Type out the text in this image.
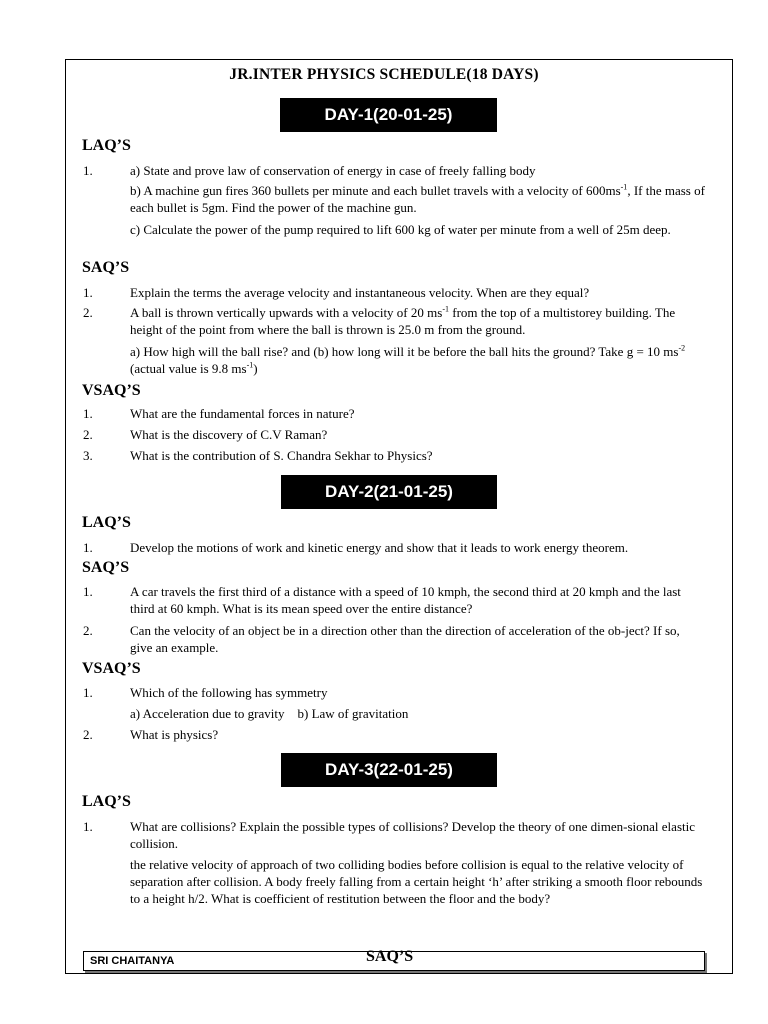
JR.INTER PHYSICS SCHEDULE(18 DAYS)
DAY-1(20-01-25)
LAQ’S
1.	a) State and prove law of conservation of energy in case of freely falling body
b) A machine gun fires 360 bullets per minute and each bullet travels with a velocity of $600ms^{-1}$, If the mass of each bullet is 5gm. Find the power of the machine gun.
c) Calculate the power of the pump required to lift 600 kg of water per minute from a well of 25m deep.
SAQ’S
1.	Explain the terms the average velocity and instantaneous velocity. When are they equal?
2.	A ball is thrown vertically upwards with a velocity of 20 $ms^{-1}$ from the top of a multistorey building. The height of the point from where the ball is thrown is 25.0 m from the ground.
a) How high will the ball rise? and (b) how long will it be before the ball hits the ground? Take g = 10 $ms^{-2}$ (actual value is 9.8 $ms^{-1}$)
VSAQ’S
1.	What are the fundamental forces in nature?
2.	What is the discovery of C.V Raman?
3.	What is the contribution of S. Chandra Sekhar to Physics?
DAY-2(21-01-25)
LAQ’S
1.	Develop the motions of work and kinetic energy and show that it leads to work energy theorem.
SAQ’S
1.	A car travels the first third of a distance with a speed of 10 kmph, the second third at 20 kmph and the last third at 60 kmph. What is its mean speed over the entire distance?
2.	Can the velocity of an object be in a direction other than the direction of acceleration of the ob-ject? If so, give an example.
VSAQ’S
1.	Which of the following has symmetry
a) Acceleration due to gravity    b) Law of gravitation
2.	What is physics?
DAY-3(22-01-25)
LAQ’S
1.	What are collisions? Explain the possible types of collisions? Develop the theory of one dimen-sional elastic collision.
the relative velocity of approach of two colliding bodies before collision is equal to the relative velocity of separation after collision. A body freely falling from a certain height ‘h’ after striking a smooth floor rebounds to a height h/2. What is coefficient of restitution between the floor and the body?
SRI CHAITANYA	SAQ’S
